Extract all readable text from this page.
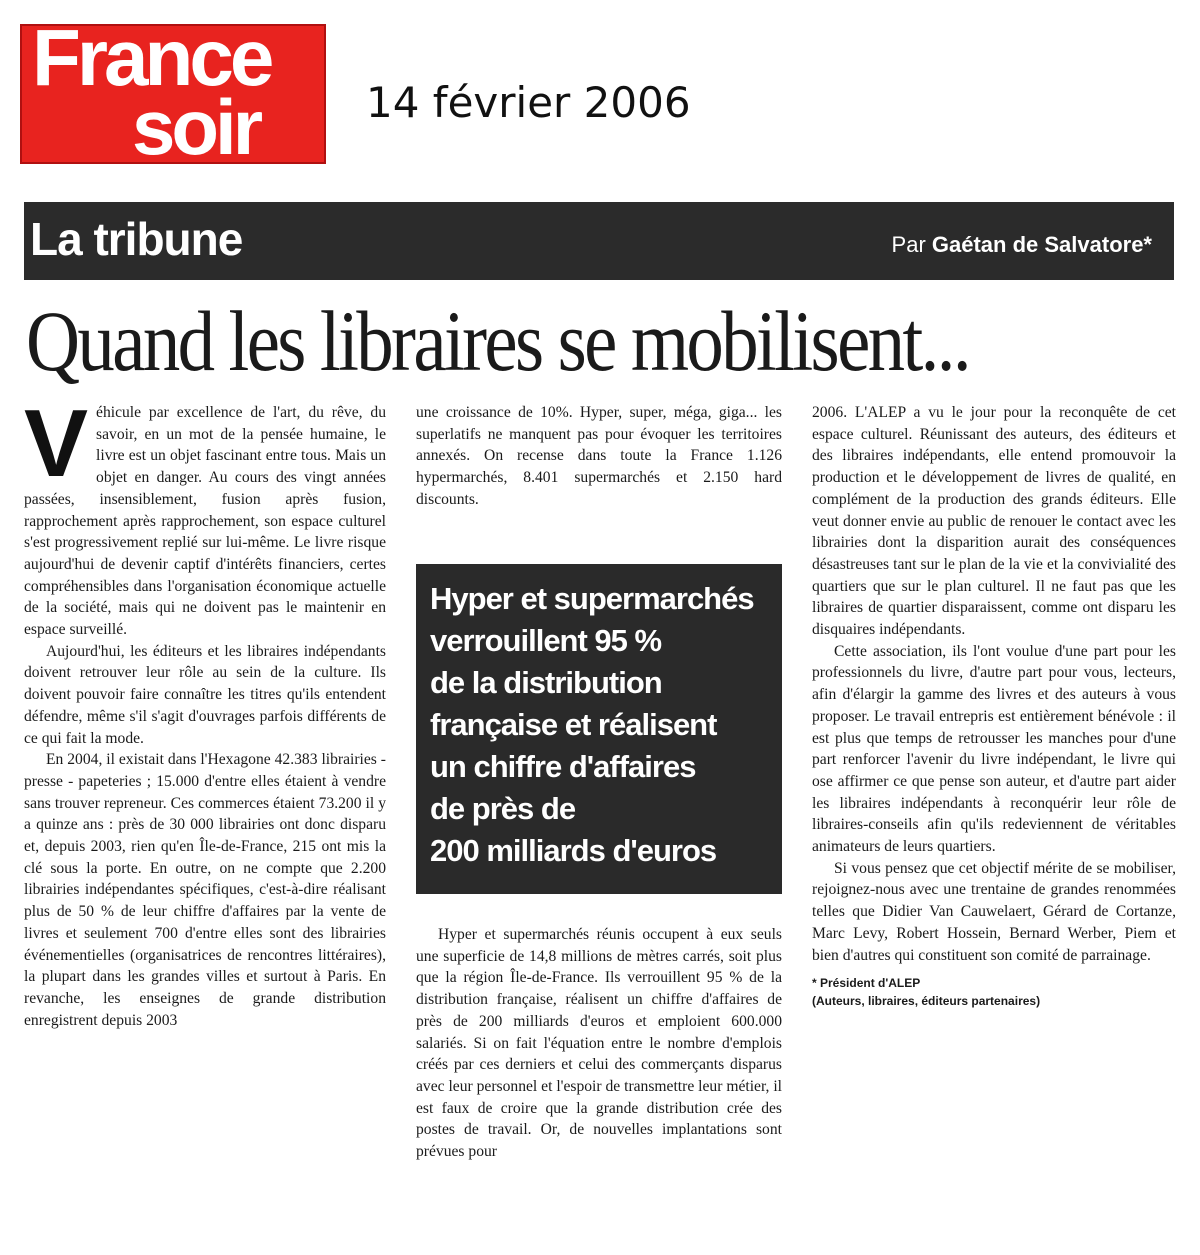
France
soir	14 février 2006
La tribune	Par Gaétan de Salvatore*
Quand les libraires se mobilisent...

Véhicule par excellence de l'art, du rêve, du savoir, en un mot de la pensée humaine, le livre est un objet fascinant entre tous. Mais un objet en danger. Au cours des vingt années passées, insensiblement, fusion après fusion, rapprochement après rapprochement, son espace culturel s'est progressivement replié sur lui-même. Le livre risque aujourd'hui de devenir captif d'intérêts financiers, certes compréhensibles dans l'organisation économique actuelle de la société, mais qui ne doivent pas le maintenir en espace surveillé.

Aujourd'hui, les éditeurs et les libraires indépendants doivent retrouver leur rôle au sein de la culture. Ils doivent pouvoir faire connaître les titres qu'ils entendent défendre, même s'il s'agit d'ouvrages parfois différents de ce qui fait la mode.

En 2004, il existait dans l'Hexagone 42.383 librairies - presse - papeteries ; 15.000 d'entre elles étaient à vendre sans trouver repreneur. Ces commerces étaient 73.200 il y a quinze ans : près de 30 000 librairies ont donc disparu et, depuis 2003, rien qu'en Île-de-France, 215 ont mis la clé sous la porte. En outre, on ne compte que 2.200 librairies indépendantes spécifiques, c'est-à-dire réalisant plus de 50 % de leur chiffre d'affaires par la vente de livres et seulement 700 d'entre elles sont des librairies événementielles (organisatrices de rencontres littéraires), la plupart dans les grandes villes et surtout à Paris. En revanche, les enseignes de grande distribution enregistrent depuis 2003

une croissance de 10%. Hyper, super, méga, giga... les superlatifs ne manquent pas pour évoquer les territoires annexés. On recense dans toute la France 1.126 hypermarchés, 8.401 supermarchés et 2.150 hard discounts.

Hyper et supermarchés
verrouillent 95 %
de la distribution
française et réalisent
un chiffre d'affaires
de près de
200 milliards d'euros

Hyper et supermarchés réunis occupent à eux seuls une superficie de 14,8 millions de mètres carrés, soit plus que la région Île-de-France. Ils verrouillent 95 % de la distribution française, réalisent un chiffre d'affaires de près de 200 milliards d'euros et emploient 600.000 salariés. Si on fait l'équation entre le nombre d'emplois créés par ces derniers et celui des commerçants disparus avec leur personnel et l'espoir de transmettre leur métier, il est faux de croire que la grande distribution crée des postes de travail. Or, de nouvelles implantations sont prévues pour

2006. L'ALEP a vu le jour pour la reconquête de cet espace culturel. Réunissant des auteurs, des éditeurs et des libraires indépendants, elle entend promouvoir la production et le développement de livres de qualité, en complément de la production des grands éditeurs. Elle veut donner envie au public de renouer le contact avec les librairies dont la disparition aurait des conséquences désastreuses tant sur le plan de la vie et la convivialité des quartiers que sur le plan culturel. Il ne faut pas que les libraires de quartier disparaissent, comme ont disparu les disquaires indépendants.

Cette association, ils l'ont voulue d'une part pour les professionnels du livre, d'autre part pour vous, lecteurs, afin d'élargir la gamme des livres et des auteurs à vous proposer. Le travail entrepris est entièrement bénévole : il est plus que temps de retrousser les manches pour d'une part renforcer l'avenir du livre indépendant, le livre qui ose affirmer ce que pense son auteur, et d'autre part aider les libraires indépendants à reconquérir leur rôle de libraires-conseils afin qu'ils redeviennent de véritables animateurs de leurs quartiers.

Si vous pensez que cet objectif mérite de se mobiliser, rejoignez-nous avec une trentaine de grandes renommées telles que Didier Van Cauwelaert, Gérard de Cortanze, Marc Levy, Robert Hossein, Bernard Werber, Piem et bien d'autres qui constituent son comité de parrainage.

* Président d'ALEP
(Auteurs, libraires, éditeurs partenaires)
